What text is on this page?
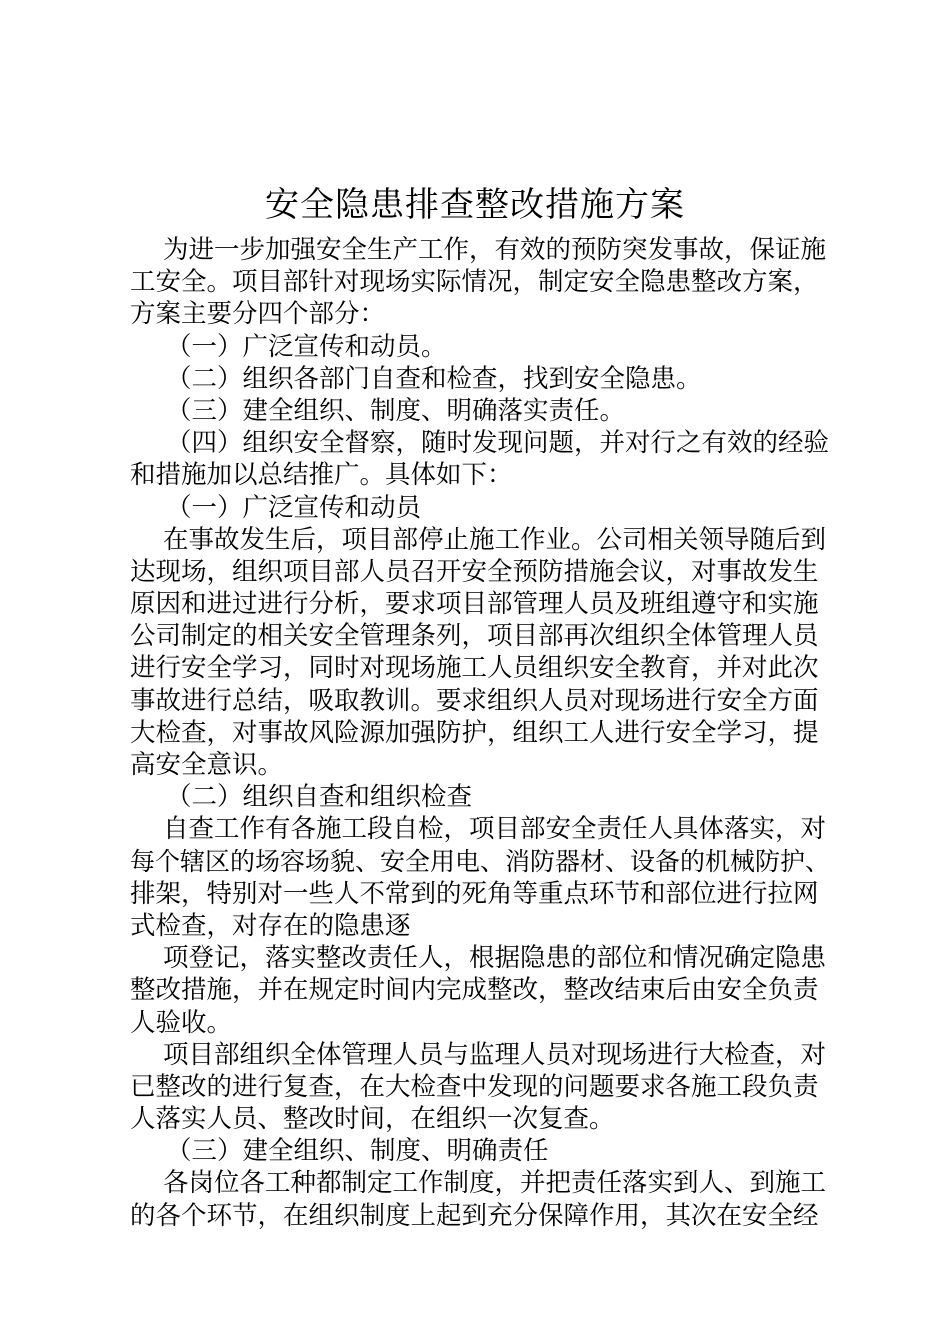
安全隐患排查整改措施方案
为进一步加强安全生产工作，有效的预防突发事故，保证施
工安全。项目部针对现场实际情况，制定安全隐患整改方案，
方案主要分四个部分：
（一）广泛宣传和动员。
（二）组织各部门自查和检查，找到安全隐患。
（三）建全组织、制度、明确落实责任。
（四）组织安全督察，随时发现问题，并对行之有效的经验
和措施加以总结推广。具体如下：
（一）广泛宣传和动员
在事故发生后，项目部停止施工作业。公司相关领导随后到
达现场，组织项目部人员召开安全预防措施会议，对事故发生
原因和进过进行分析，要求项目部管理人员及班组遵守和实施
公司制定的相关安全管理条列，项目部再次组织全体管理人员
进行安全学习，同时对现场施工人员组织安全教育，并对此次
事故进行总结，吸取教训。要求组织人员对现场进行安全方面
大检查，对事故风险源加强防护，组织工人进行安全学习，提
高安全意识。
（二）组织自查和组织检查
自查工作有各施工段自检，项目部安全责任人具体落实，对
每个辖区的场容场貌、安全用电、消防器材、设备的机械防护、
排架，特别对一些人不常到的死角等重点环节和部位进行拉网
式检查，对存在的隐患逐
项登记，落实整改责任人，根据隐患的部位和情况确定隐患
整改措施，并在规定时间内完成整改，整改结束后由安全负责
人验收。
项目部组织全体管理人员与监理人员对现场进行大检查，对
已整改的进行复查，在大检查中发现的问题要求各施工段负责
人落实人员、整改时间，在组织一次复查。
（三）建全组织、制度、明确责任
各岗位各工种都制定工作制度，并把责任落实到人、到施工
的各个环节，在组织制度上起到充分保障作用，其次在安全经
